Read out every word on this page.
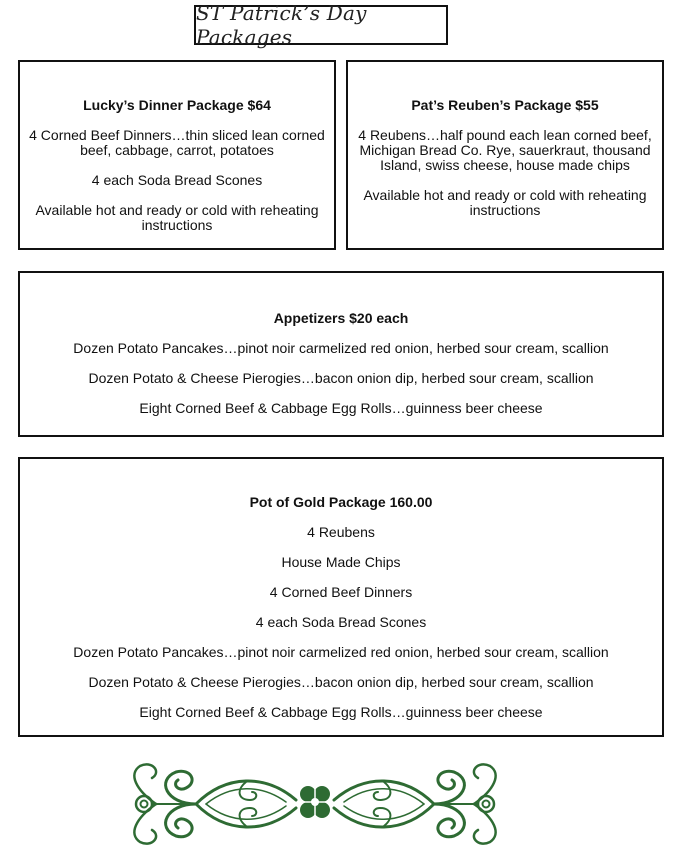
ST Patrick’s Day Packages

Lucky’s Dinner Package $64

4 Corned Beef Dinners…thin sliced lean corned beef, cabbage, carrot, potatoes

4 each Soda Bread Scones

Available hot and ready or cold with reheating instructions

Pat’s Reuben’s Package $55

4 Reubens…half pound each lean corned beef, Michigan Bread Co. Rye, sauerkraut, thousand Island, swiss cheese, house made chips

Available hot and ready or cold with reheating instructions

Appetizers $20 each

Dozen Potato Pancakes…pinot noir carmelized red onion, herbed sour cream, scallion

Dozen Potato & Cheese Pierogies…bacon onion dip, herbed sour cream, scallion

Eight Corned Beef & Cabbage Egg Rolls…guinness beer cheese

Pot of Gold Package 160.00

4 Reubens

House Made Chips

4 Corned Beef Dinners

4 each Soda Bread Scones

Dozen Potato Pancakes…pinot noir carmelized red onion, herbed sour cream, scallion

Dozen Potato & Cheese Pierogies…bacon onion dip, herbed sour cream, scallion

Eight Corned Beef & Cabbage Egg Rolls…guinness beer cheese
